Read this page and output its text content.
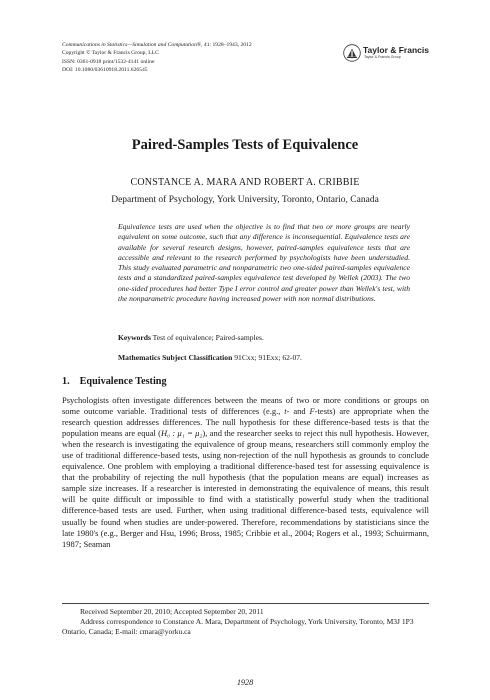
Communications in Statistics—Simulation and Computation®, 41: 1928–1943, 2012
Copyright © Taylor & Francis Group, LLC
ISSN: 0361-0918 print/1532-4141 online
DOI: 10.1080/03610918.2011.626545
Taylor & Francis
Taylor & Francis Group
Paired-Samples Tests of Equivalence
CONSTANCE A. MARA AND ROBERT A. CRIBBIE
Department of Psychology, York University, Toronto, Ontario, Canada
Equivalence tests are used when the objective is to find that two or more groups are nearly equivalent on some outcome, such that any difference is inconsequential. Equivalence tests are available for several research designs, however, paired-samples equivalence tests that are accessible and relevant to the research performed by psychologists have been understudied. This study evaluated parametric and nonparametric two one-sided paired-samples equivalence tests and a standardized paired-samples equivalence test developed by Wellek (2003). The two one-sided procedures had better Type I error control and greater power than Wellek's test, with the nonparametric procedure having increased power with non normal distributions.
Keywords Test of equivalence; Paired-samples.
Mathematics Subject Classification 91Cxx; 91Exx; 62-07.
1. Equivalence Testing
Psychologists often investigate differences between the means of two or more conditions or groups on some outcome variable. Traditional tests of differences (e.g., t- and F-tests) are appropriate when the research question addresses differences. The null hypothesis for these difference-based tests is that the population means are equal (H₀ : μ₁ = μ₂), and the researcher seeks to reject this null hypothesis. However, when the research is investigating the equivalence of group means, researchers still commonly employ the use of traditional difference-based tests, using non-rejection of the null hypothesis as grounds to conclude equivalence. One problem with employing a traditional difference-based test for assessing equivalence is that the probability of rejecting the null hypothesis (that the population means are equal) increases as sample size increases. If a researcher is interested in demonstrating the equivalence of means, this result will be quite difficult or impossible to find with a statistically powerful study when the traditional difference-based tests are used. Further, when using traditional difference-based tests, equivalence will usually be found when studies are under-powered. Therefore, recommendations by statisticians since the late 1980's (e.g., Berger and Hsu, 1996; Bross, 1985; Cribbie et al., 2004; Rogers et al., 1993; Schuirmann, 1987; Seaman
Received September 20, 2010; Accepted September 20, 2011
Address correspondence to Constance A. Mara, Department of Psychology, York University, Toronto, M3J 1P3 Ontario, Canada; E-mail: cmara@yorku.ca
1928
